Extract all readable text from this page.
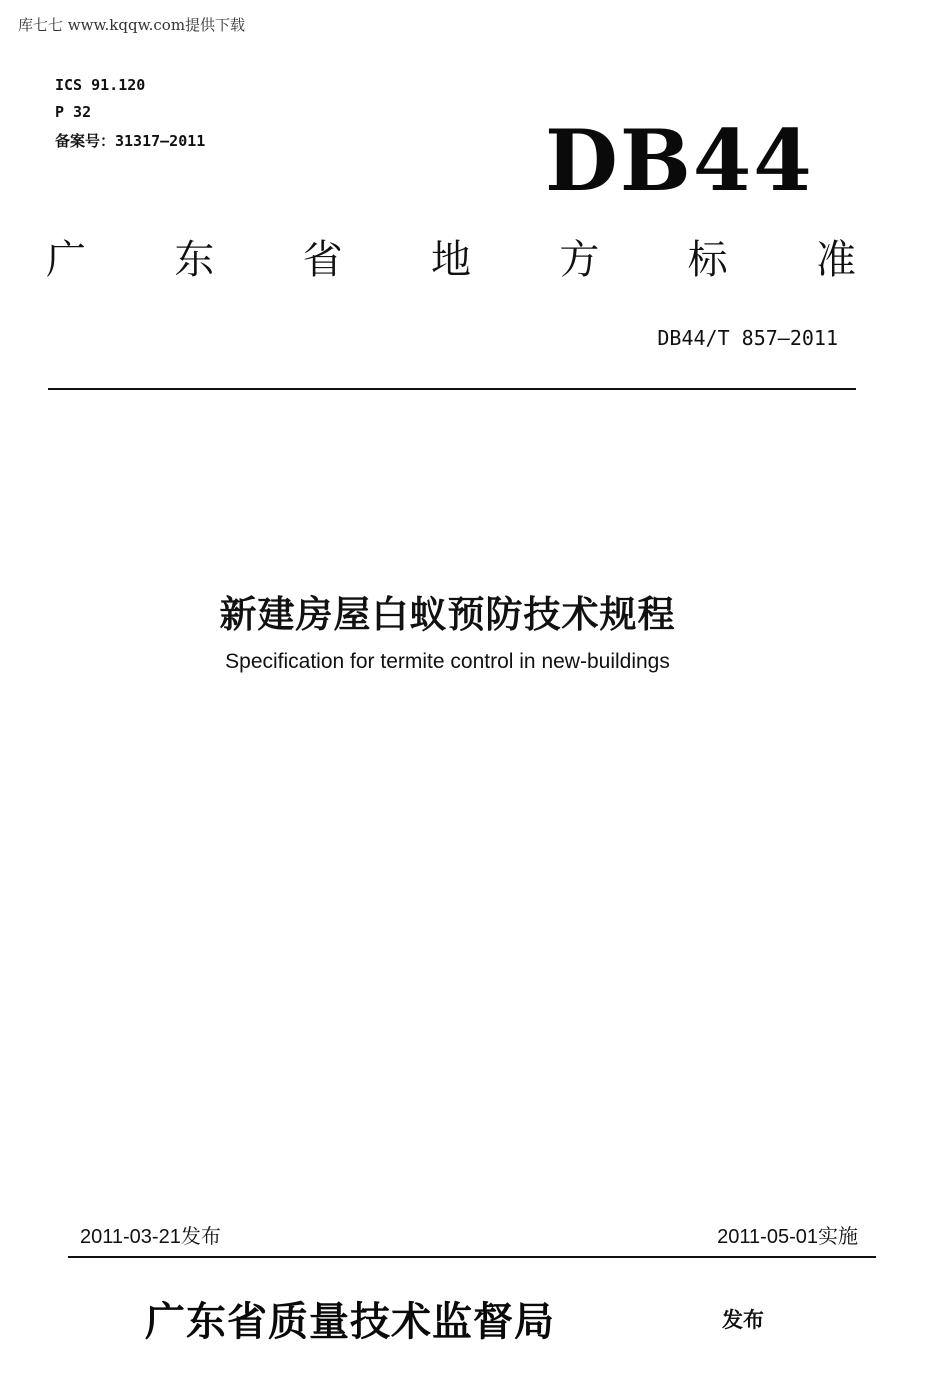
库七七 www.kqqw.com提供下载
ICS 91.120
P 32
备案号：31317—2011	DB44
广 东 省 地 方 标 准
DB44/T 857—2011
新建房屋白蚁预防技术规程
Specification for termite control in new-buildings
2011-03-21发布	2011-05-01实施
广东省质量技术监督局	发布
